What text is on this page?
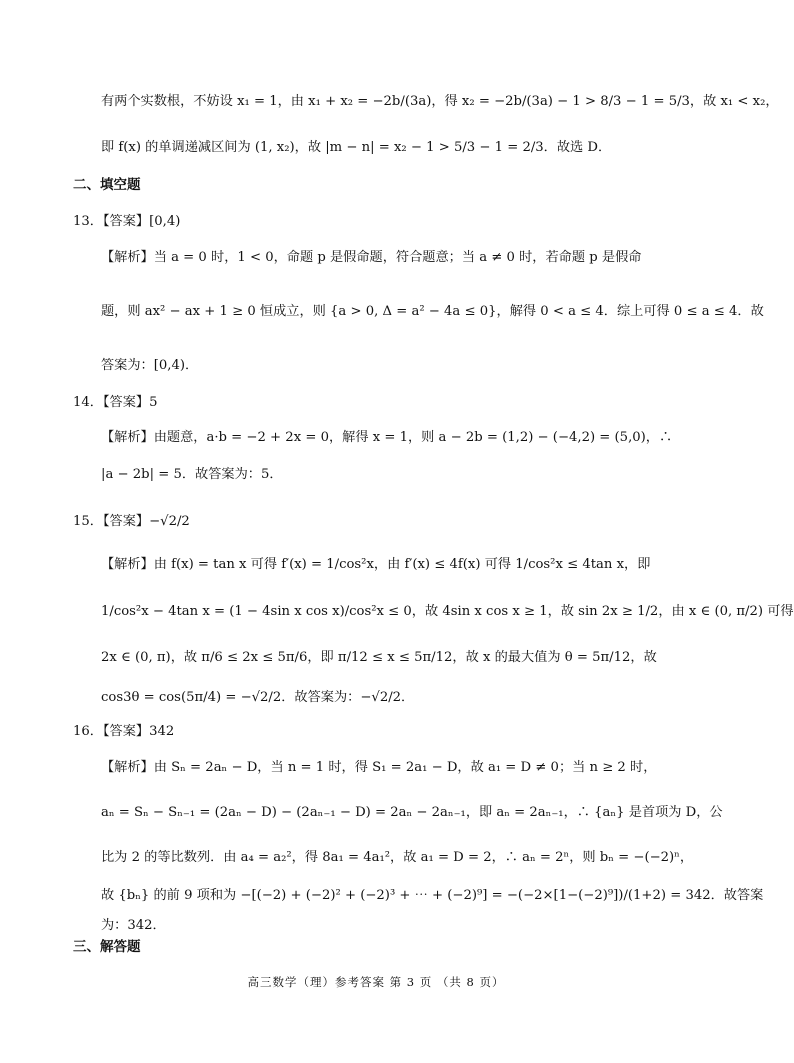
有两个实数根，不妨设 x₁ = 1，由 x₁ + x₂ = −2b/(3a)，得 x₂ = −2b/(3a) − 1 > 8/3 − 1 = 5/3，故 x₁ < x₂，
即 f(x) 的单调递减区间为 (1, x₂)，故 |m − n| = x₂ − 1 > 5/3 − 1 = 2/3．故选 D．
二、填空题
13．【答案】[0,4)
【解析】当 a = 0 时，1 < 0，命题 p 是假命题，符合题意；当 a ≠ 0 时，若命题 p 是假命
题，则 ax² − ax + 1 ≥ 0 恒成立，则 {a > 0, Δ = a² − 4a ≤ 0}，解得 0 < a ≤ 4．综上可得 0 ≤ a ≤ 4．故
答案为：[0,4)．
14．【答案】5
【解析】由题意，a·b = −2 + 2x = 0，解得 x = 1，则 a − 2b = (1,2) − (−4,2) = (5,0)，∴
|a − 2b| = 5．故答案为：5．
15．【答案】−√2/2
【解析】由 f(x) = tan x 可得 f′(x) = 1/cos²x，由 f′(x) ≤ 4f(x) 可得 1/cos²x ≤ 4tan x，即
1/cos²x − 4tan x = (1 − 4sin x cos x)/cos²x ≤ 0，故 4sin x cos x ≥ 1，故 sin 2x ≥ 1/2，由 x ∈ (0, π/2) 可得
2x ∈ (0, π)，故 π/6 ≤ 2x ≤ 5π/6，即 π/12 ≤ x ≤ 5π/12，故 x 的最大值为 θ = 5π/12，故
cos3θ = cos(5π/4) = −√2/2．故答案为：−√2/2．
16．【答案】342
【解析】由 Sₙ = 2aₙ − D，当 n = 1 时，得 S₁ = 2a₁ − D，故 a₁ = D ≠ 0；当 n ≥ 2 时，
aₙ = Sₙ − Sₙ₋₁ = (2aₙ − D) − (2aₙ₋₁ − D) = 2aₙ − 2aₙ₋₁，即 aₙ = 2aₙ₋₁，∴ {aₙ} 是首项为 D，公
比为 2 的等比数列．由 a₄ = a₂²，得 8a₁ = 4a₁²，故 a₁ = D = 2，∴ aₙ = 2ⁿ，则 bₙ = −(−2)ⁿ，
故 {bₙ} 的前 9 项和为 −[(−2) + (−2)² + (−2)³ + ⋯ + (−2)⁹] = −(−2×[1−(−2)⁹])/(1+2) = 342．故答案
为：342．
三、解答题
高三数学（理）参考答案 第 3 页 （共 8 页）
